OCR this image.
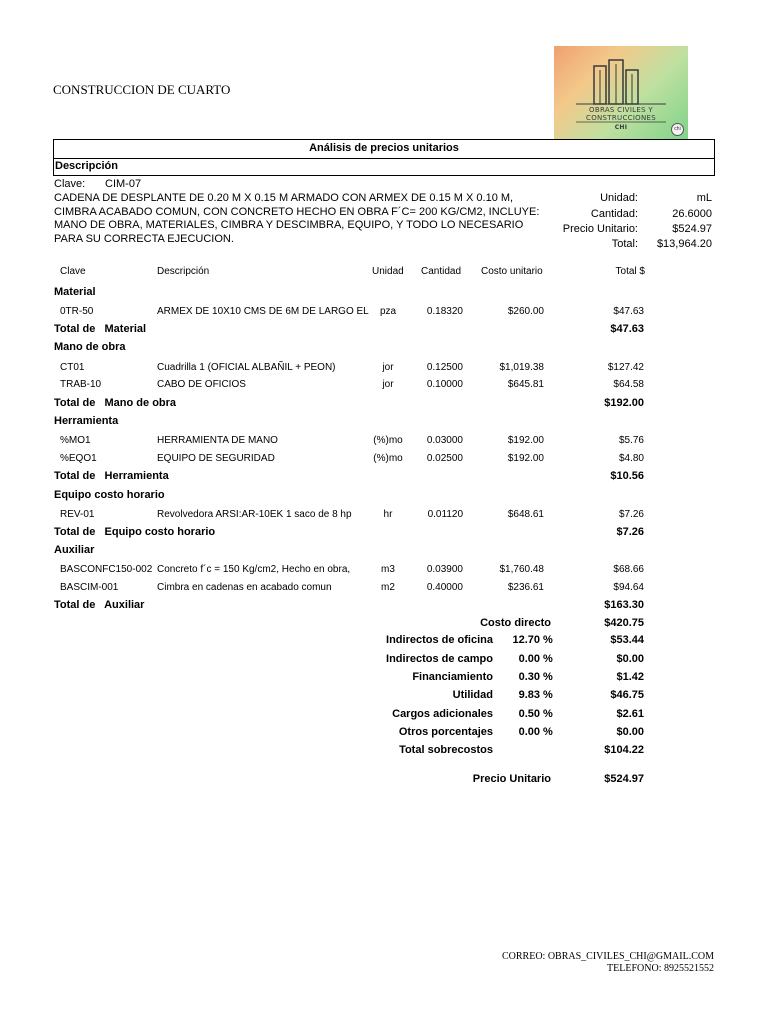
CONSTRUCCION DE CUARTO
OBRAS CIVILES Y
CONSTRUCCIONES
CHI	chi
Análisis de precios unitarios
Descripción
Clave: CIM-07
CADENA DE DESPLANTE DE 0.20 M X 0.15 M ARMADO CON ARMEX DE 0.15 M X 0.10 M,
CIMBRA ACABADO COMUN, CON CONCRETO HECHO EN OBRA F´C= 200 KG/CM2, INCLUYE:
MANO DE OBRA, MATERIALES, CIMBRA Y DESCIMBRA, EQUIPO, Y TODO LO NECESARIO
PARA SU CORRECTA EJECUCION.
Unidad:	mL
Cantidad:	26.6000
Precio Unitario:	$524.97
Total: $13,964.20
Clave	Descripción	Unidad Cantidad Costo unitario	Total $
Material
0TR-50	ARMEX DE 10X10 CMS DE 6M DE LARGO EL	pza	0.18320	$260.00	$47.63
Total de   Material	$47.63
Mano de obra
CT01	Cuadrilla 1 (OFICIAL ALBAÑIL + PEON)	jor	0.12500	$1,019.38	$127.42
TRAB-10	CABO DE OFICIOS	jor	0.10000	$645.81	$64.58
Total de   Mano de obra	$192.00
Herramienta
%MO1	HERRAMIENTA DE MANO	(%)mo	0.03000	$192.00	$5.76
%EQO1	EQUIPO DE SEGURIDAD	(%)mo	0.02500	$192.00	$4.80
Total de   Herramienta	$10.56
Equipo costo horario
REV-01	Revolvedora ARSI:AR-10EK 1 saco de 8 hp	hr	0.01120	$648.61	$7.26
Total de   Equipo costo horario	$7.26
Auxiliar
BASCONFC150-002 Concreto f´c = 150 Kg/cm2, Hecho en obra,	m3	0.03900	$1,760.48	$68.66
BASCIM-001	Cimbra en cadenas en acabado comun	m2	0.40000	$236.61	$94.64
Total de   Auxiliar	$163.30
Costo directo	$420.75
Indirectos de oficina 12.70 %	$53.44
Indirectos de campo 0.00 %	$0.00
Financiamiento 0.30 %	$1.42
Utilidad 9.83 %	$46.75
Cargos adicionales 0.50 %	$2.61
Otros porcentajes 0.00 %	$0.00
Total sobrecostos	$104.22
Precio Unitario	$524.97
CORREO: OBRAS_CIVILES_CHI@GMAIL.COM
TELEFONO: 8925521552
